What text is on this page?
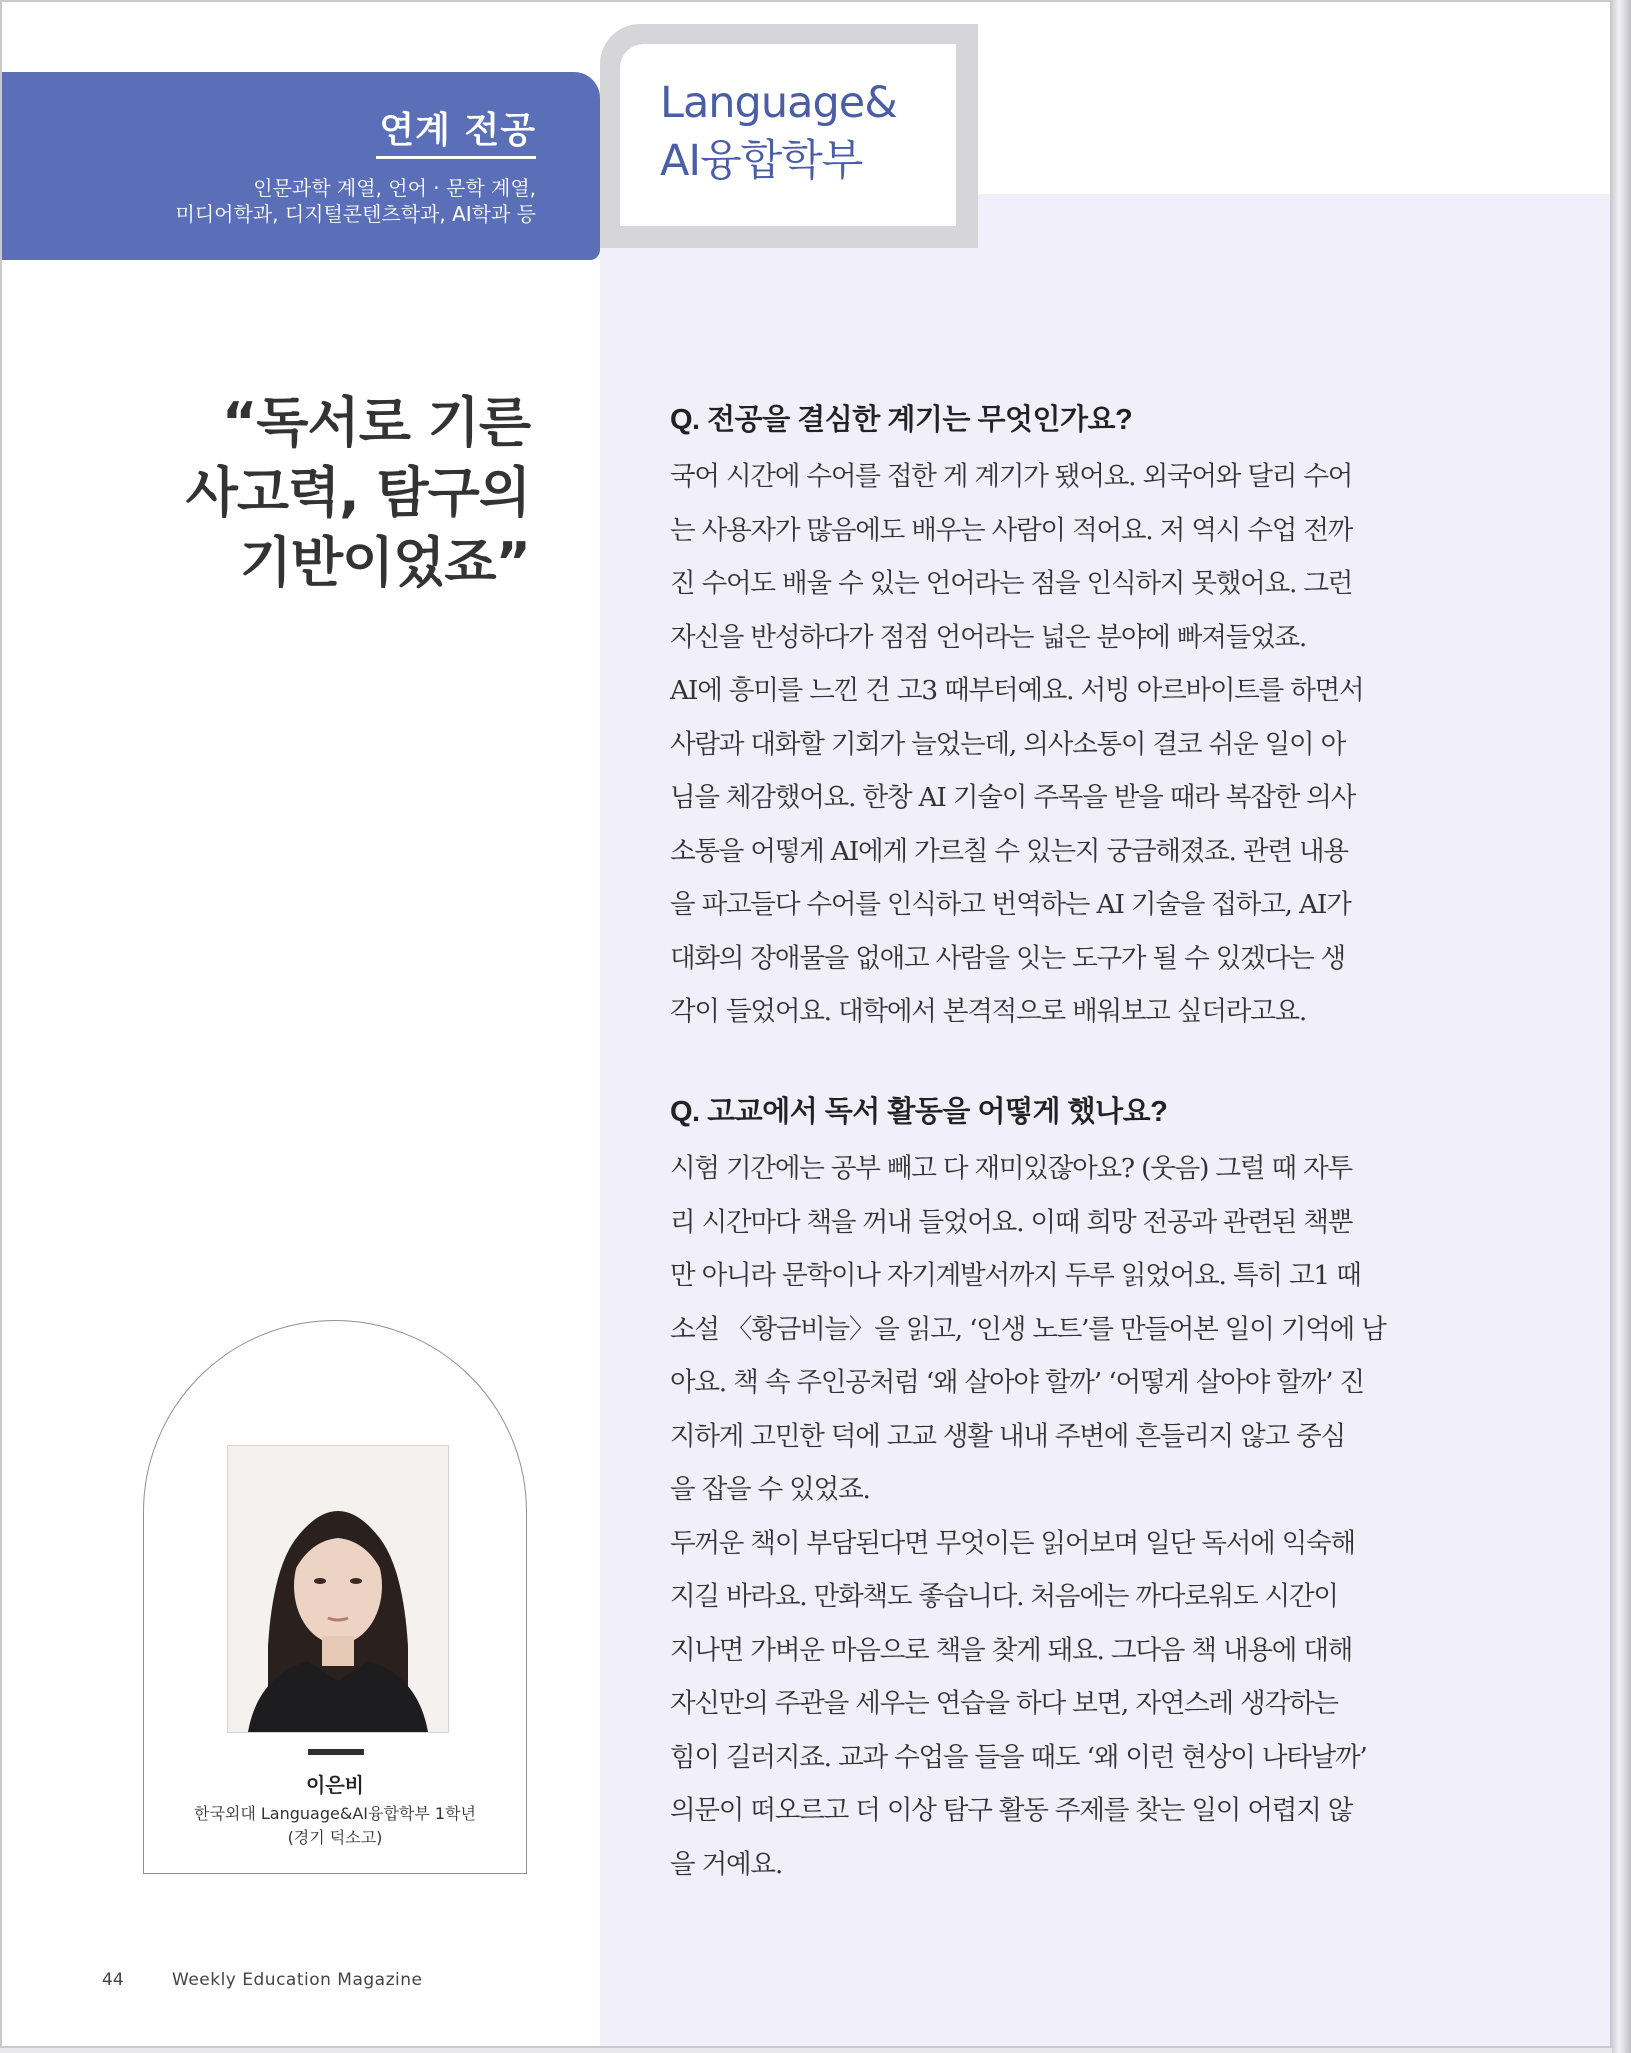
연계 전공
인문과학 계열, 언어 · 문학 계열,
미디어학과, 디지털콘텐츠학과, AI학과 등
Language&
AI융합학부
“독서로 기른
사고력, 탐구의
기반이었죠”
이은비
한국외대 Language&AI융합학부 1학년
(경기 덕소고)
Q. 전공을 결심한 계기는 무엇인가요?
국어 시간에 수어를 접한 게 계기가 됐어요. 외국어와 달리 수어
는 사용자가 많음에도 배우는 사람이 적어요. 저 역시 수업 전까
진 수어도 배울 수 있는 언어라는 점을 인식하지 못했어요. 그런
자신을 반성하다가 점점 언어라는 넓은 분야에 빠져들었죠.
AI에 흥미를 느낀 건 고3 때부터예요. 서빙 아르바이트를 하면서
사람과 대화할 기회가 늘었는데, 의사소통이 결코 쉬운 일이 아
님을 체감했어요. 한창 AI 기술이 주목을 받을 때라 복잡한 의사
소통을 어떻게 AI에게 가르칠 수 있는지 궁금해졌죠. 관련 내용
을 파고들다 수어를 인식하고 번역하는 AI 기술을 접하고, AI가
대화의 장애물을 없애고 사람을 잇는 도구가 될 수 있겠다는 생
각이 들었어요. 대학에서 본격적으로 배워보고 싶더라고요.
Q. 고교에서 독서 활동을 어떻게 했나요?
시험 기간에는 공부 빼고 다 재미있잖아요? (웃음) 그럴 때 자투
리 시간마다 책을 꺼내 들었어요. 이때 희망 전공과 관련된 책뿐
만 아니라 문학이나 자기계발서까지 두루 읽었어요. 특히 고1 때
소설 〈황금비늘〉을 읽고, ‘인생 노트’를 만들어본 일이 기억에 남
아요. 책 속 주인공처럼 ‘왜 살아야 할까’ ‘어떻게 살아야 할까’ 진
지하게 고민한 덕에 고교 생활 내내 주변에 흔들리지 않고 중심
을 잡을 수 있었죠.
두꺼운 책이 부담된다면 무엇이든 읽어보며 일단 독서에 익숙해
지길 바라요. 만화책도 좋습니다. 처음에는 까다로워도 시간이
지나면 가벼운 마음으로 책을 찾게 돼요. 그다음 책 내용에 대해
자신만의 주관을 세우는 연습을 하다 보면, 자연스레 생각하는
힘이 길러지죠. 교과 수업을 들을 때도 ‘왜 이런 현상이 나타날까’
의문이 떠오르고 더 이상 탐구 활동 주제를 찾는 일이 어렵지 않
을 거예요.
44	Weekly Education Magazine
